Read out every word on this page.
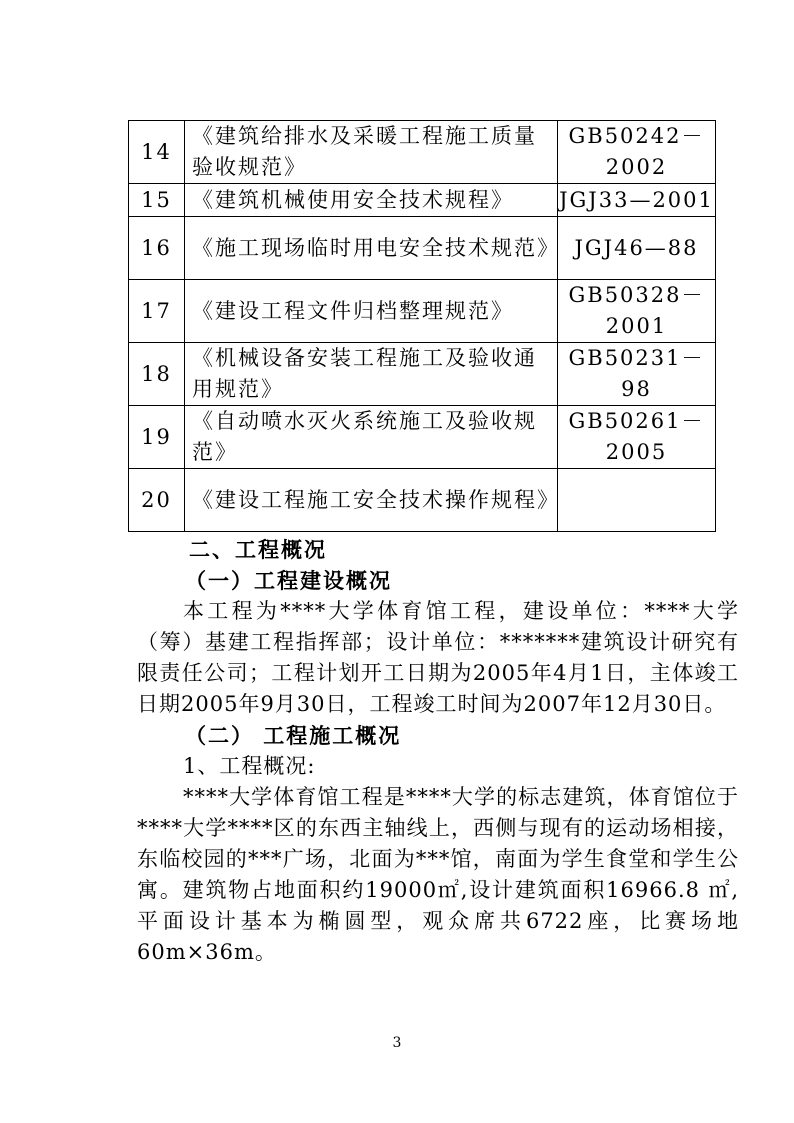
14	《建筑给排水及采暖工程施工质量验收规范》	GB50242－2002
15	《建筑机械使用安全技术规程》	JGJ33—2001
16	《施工现场临时用电安全技术规范》	JGJ46—88
17	《建设工程文件归档整理规范》	GB50328－2001
18	《机械设备安装工程施工及验收通用规范》	GB50231－98
19	《自动喷水灭火系统施工及验收规范》	GB50261－2005
20	《建设工程施工安全技术操作规程》	
二、工程概况
（一）工程建设概况

本工程为****大学体育馆工程，建设单位：****大学（筹）基建工程指挥部；设计单位：*******建筑设计研究有限责任公司；工程计划开工日期为2005年4月1日，主体竣工日期2005年9月30日，工程竣工时间为2007年12月30日。

（二） 工程施工概况
1、工程概况:

****大学体育馆工程是****大学的标志建筑，体育馆位于****大学****区的东西主轴线上，西侧与现有的运动场相接，东临校园的***广场，北面为***馆，南面为学生食堂和学生公寓。建筑物占地面积约19000㎡,设计建筑面积16966.8 ㎡,平面设计基本为椭圆型，观众席共6722座，比赛场地60m×36m。

3
